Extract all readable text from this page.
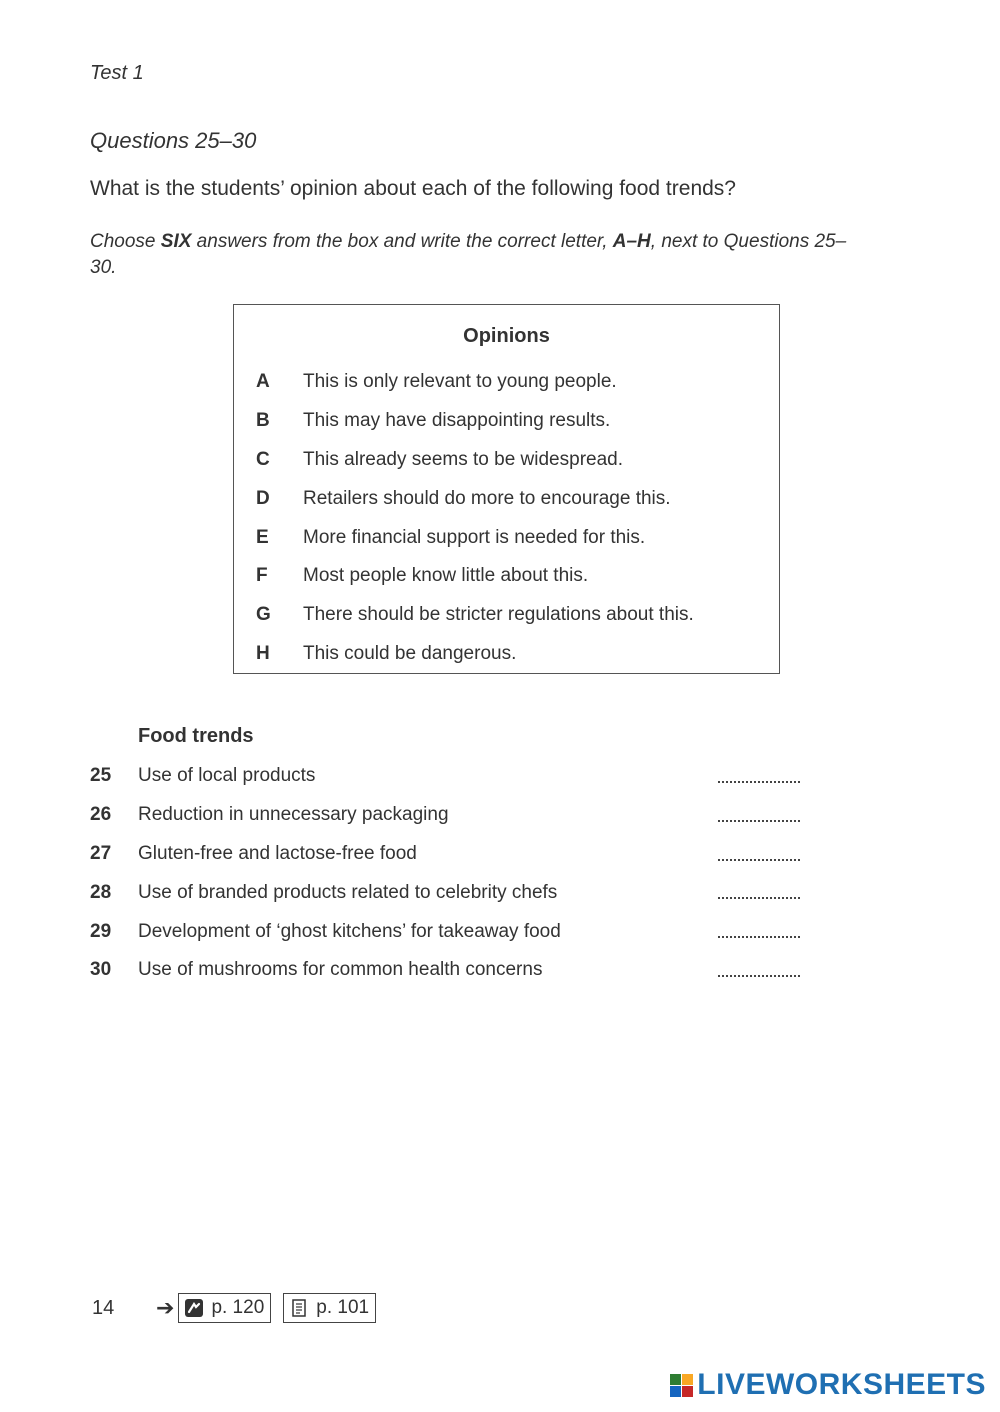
Test 1
Questions 25–30
What is the students’ opinion about each of the following food trends?
Choose SIX answers from the box and write the correct letter, A–H, next to Questions 25–30.
Opinions
A	This is only relevant to young people.
B	This may have disappointing results.
C	This already seems to be widespread.
D	Retailers should do more to encourage this.
E	More financial support is needed for this.
F	Most people know little about this.
G	There should be stricter regulations about this.
H	This could be dangerous.
Food trends
25	Use of local products
26	Reduction in unnecessary packaging
27	Gluten-free and lactose-free food
28	Use of branded products related to celebrity chefs
29	Development of ‘ghost kitchens’ for takeaway food
30	Use of mushrooms for common health concerns
14	➔ p. 120	p. 101
LIVEWORKSHEETS
